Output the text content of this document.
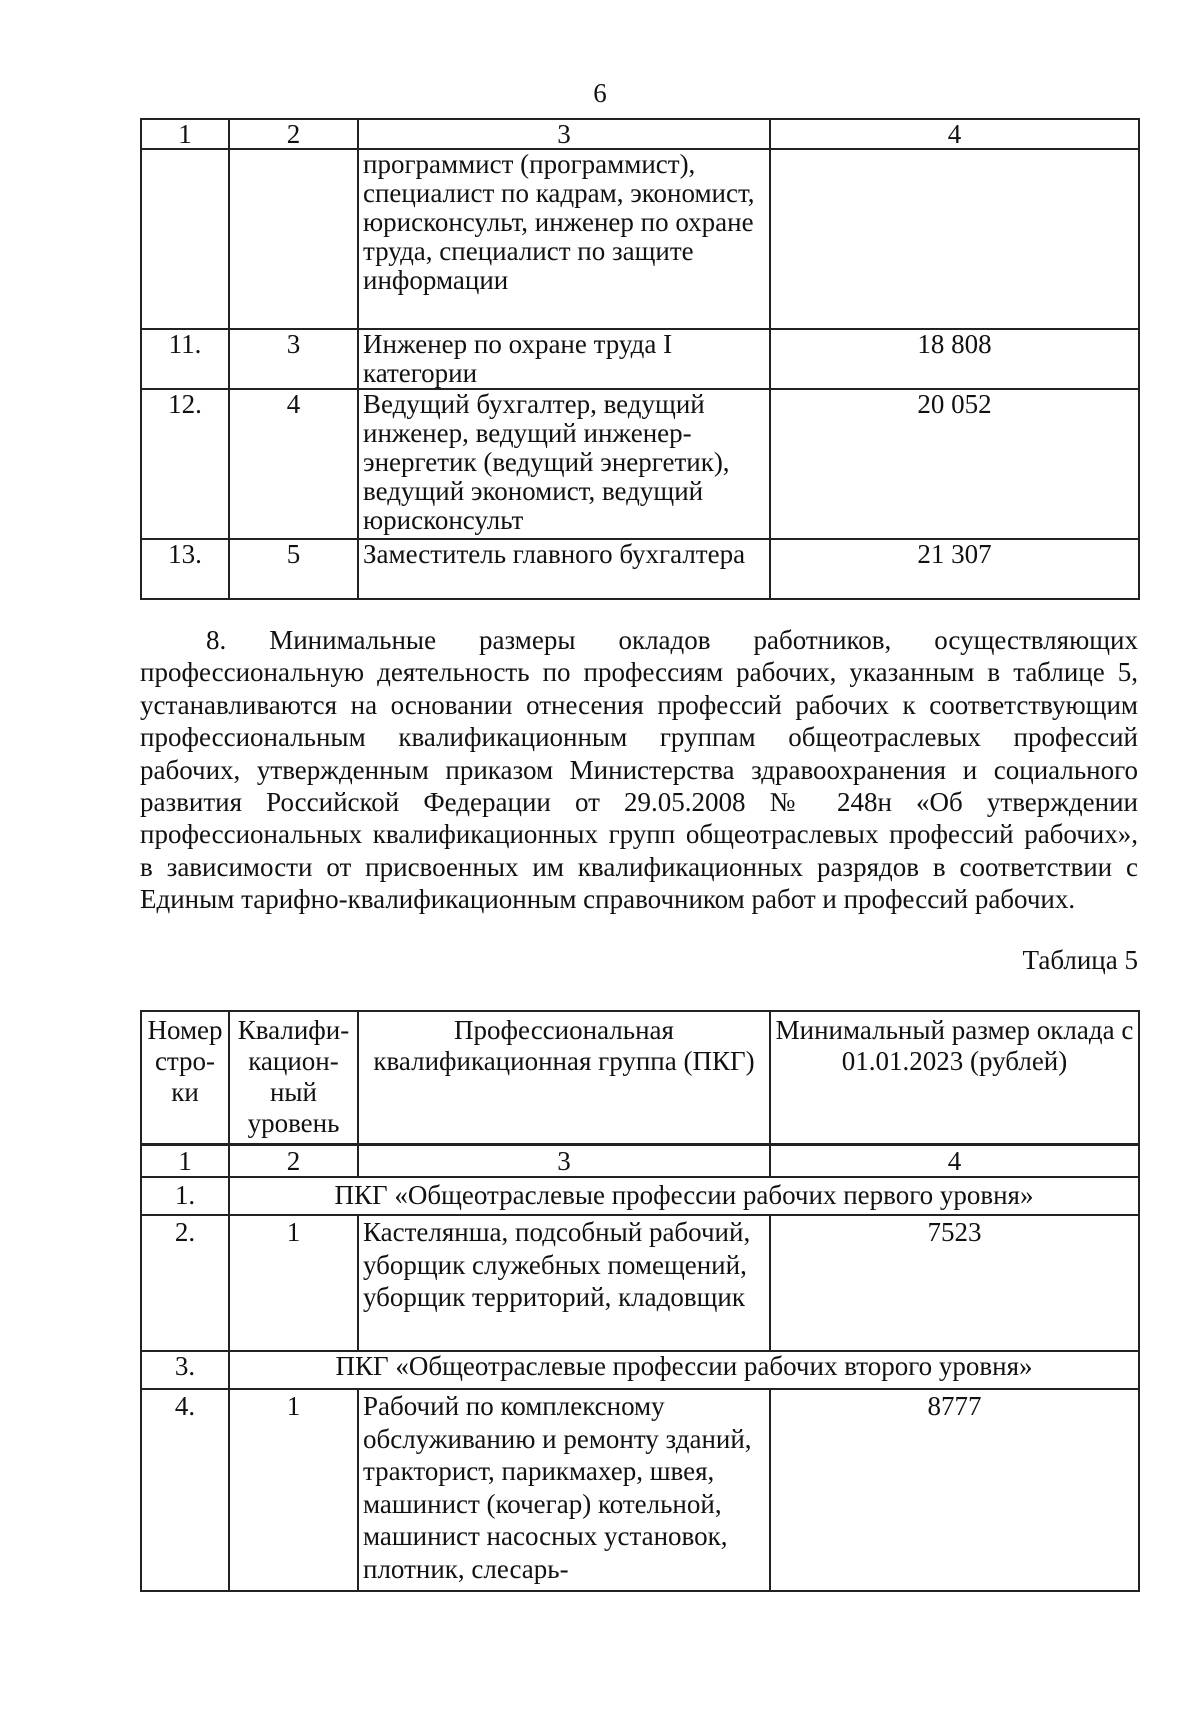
6
1	2	3	4
		программист (программист), специалист по кадрам, экономист, юрисконсульт, инженер по охране труда, специалист по защите информации	
11.	3	Инженер по охране труда I категории	18 808
12.	4	Ведущий бухгалтер, ведущий инженер, ведущий инженер-энергетик (ведущий энергетик), ведущий экономист, ведущий юрисконсульт	20 052
13.	5	Заместитель главного бухгалтера	21 307

8. Минимальные размеры окладов работников, осуществляющих профессиональную деятельность по профессиям рабочих, указанным в таблице 5, устанавливаются на основании отнесения профессий рабочих к соответствующим профессиональным квалификационным группам общеотраслевых профессий рабочих, утвержденным приказом Министерства здравоохранения и социального развития Российской Федерации от 29.05.2008 № 248н «Об утверждении профессиональных квалификационных групп общеотраслевых профессий рабочих», в зависимости от присвоенных им квалификационных разрядов в соответствии с Единым тарифно-квалификационным справочником работ и профессий рабочих.

Таблица 5
Номер стро-ки	Квалифи-кацион-ный уровень	Профессиональная квалификационная группа (ПКГ)	Минимальный размер оклада с 01.01.2023 (рублей)
1	2	3	4
1.	ПКГ «Общеотраслевые профессии рабочих первого уровня»		
2.	1	Кастелянша, подсобный рабочий, уборщик служебных помещений, уборщик территорий, кладовщик	7523
3.	ПКГ «Общеотраслевые профессии рабочих второго уровня»		
4.	1	Рабочий по комплексному обслуживанию и ремонту зданий, тракторист, парикмахер, швея, машинист (кочегар) котельной, машинист насосных установок, плотник, слесарь-	8777
